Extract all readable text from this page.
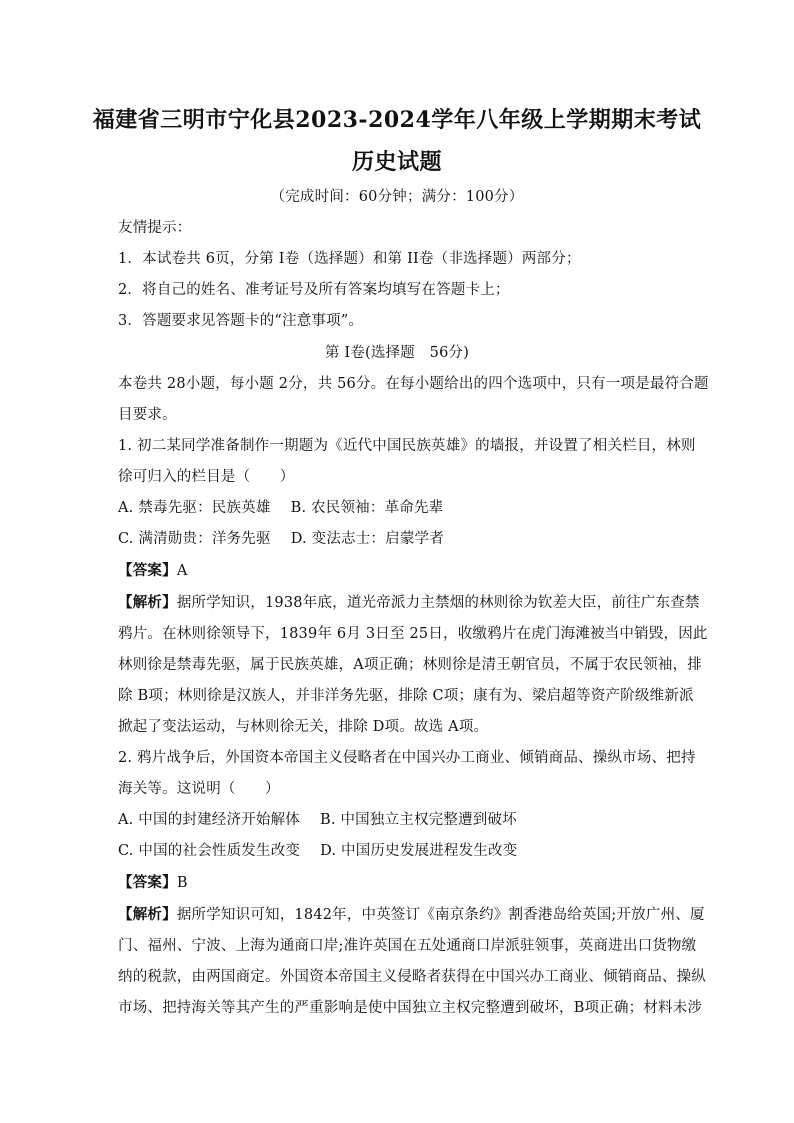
福建省三明市宁化县2023-2024学年八年级上学期期末考试
历史试题
（完成时间：60分钟；满分：100分）
友情提示：
1．本试卷共 6页，分第 I卷（选择题）和第 II卷（非选择题）两部分；
2．将自己的姓名、准考证号及所有答案均填写在答题卡上；
3．答题要求见答题卡的“注意事项”。
第 I卷(选择题　56分)
本卷共 28小题，每小题 2分，共 56分。在每小题给出的四个选项中，只有一项是最符合题
目要求。
1. 初二某同学准备制作一期题为《近代中国民族英雄》的墙报，并设置了相关栏目，林则
徐可归入的栏目是（　　）
A. 禁毒先驱：民族英雄 B. 农民领袖：革命先辈
C. 满清勋贵：洋务先驱 D. 变法志士：启蒙学者
【答案】A
【解析】据所学知识，1938年底，道光帝派力主禁烟的林则徐为钦差大臣，前往广东查禁
鸦片。在林则徐领导下，1839年 6月 3日至 25日，收缴鸦片在虎门海滩被当中销毁，因此
林则徐是禁毒先驱，属于民族英雄，A项正确；林则徐是清王朝官员，不属于农民领袖，排
除 B项；林则徐是汉族人，并非洋务先驱，排除 C项；康有为、梁启超等资产阶级维新派
掀起了变法运动，与林则徐无关，排除 D项。故选 A项。
2. 鸦片战争后，外国资本帝国主义侵略者在中国兴办工商业、倾销商品、操纵市场、把持
海关等。这说明（　　）
A. 中国的封建经济开始解体 B. 中国独立主权完整遭到破坏
C. 中国的社会性质发生改变 D. 中国历史发展进程发生改变
【答案】B
【解析】据所学知识可知，1842年，中英签订《南京条约》割香港岛给英国;开放广州、厦
门、福州、宁波、上海为通商口岸;准许英国在五处通商口岸派驻领事，英商进出口货物缴
纳的税款，由两国商定。外国资本帝国主义侵略者获得在中国兴办工商业、倾销商品、操纵
市场、把持海关等其产生的严重影响是使中国独立主权完整遭到破坏，B项正确；材料未涉
